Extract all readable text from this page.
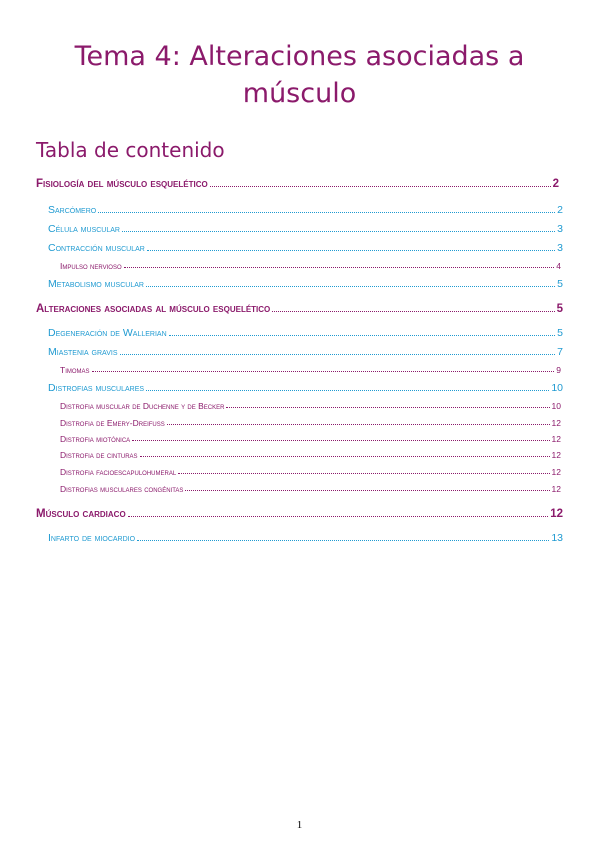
Tema 4: Alteraciones asociadas a
músculo
Tabla de contenido
Fisiología del músculo esquelético	2
Sarcómero	2
Célula muscular	3
Contracción muscular	3
Impulso nervioso	4
Metabolismo muscular	5
Alteraciones asociadas al músculo esquelético	5
Degeneración de Wallerian	5
Miastenia gravis	7
Timomas	9
Distrofias musculares	10
Distrofia muscular de Duchenne y de Becker	10
Distrofia de Emery-Dreifuss	12
Distrofia miotónica	12
Distrofia de cinturas	12
Distrofia facioescapulohumeral	12
Distrofias musculares congénitas	12
Músculo cardiaco	12
Infarto de miocardio	13
1
